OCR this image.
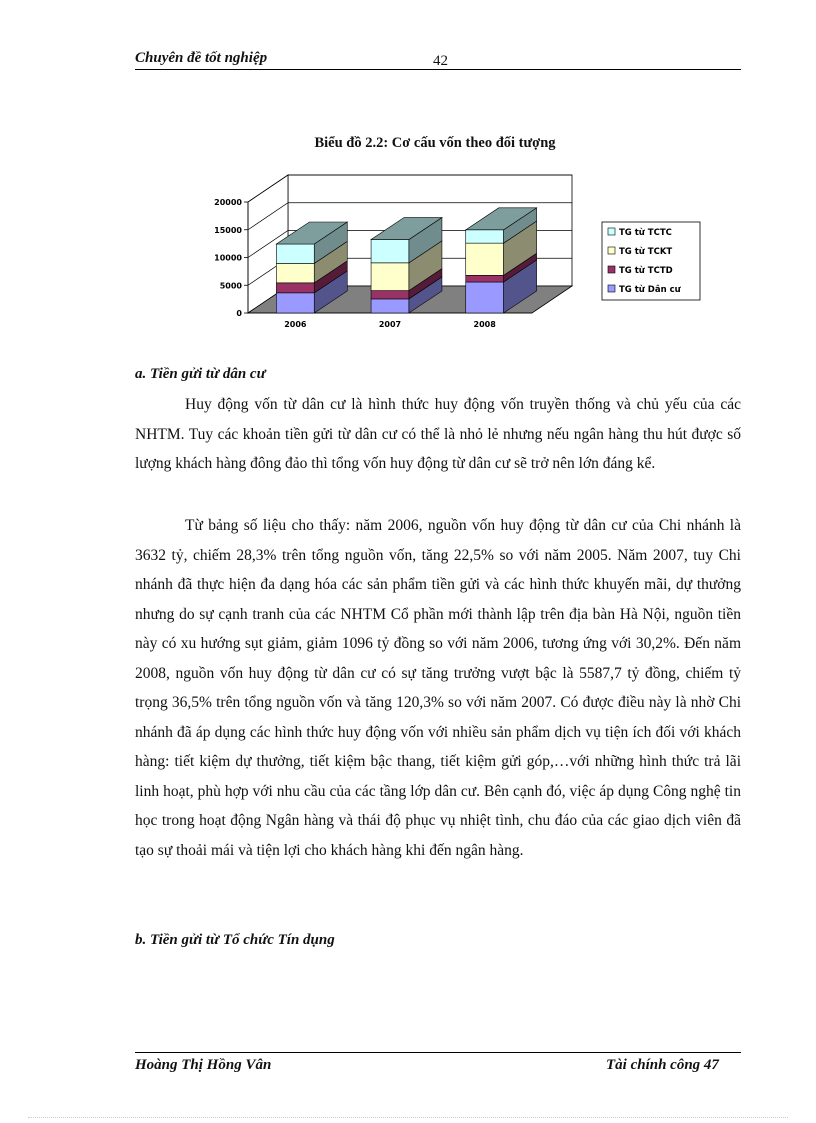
Chuyên đề tốt nghiệp	42
Biểu đồ 2.2: Cơ cấu vốn theo đối tượng
0
5000
10000
15000
20000
2006	2007	2008
TG từ TCTC
TG từ TCKT
TG từ TCTD
TG từ Dân cư
a. Tiền gửi từ dân cư

Huy động vốn từ dân cư là hình thức huy động vốn truyền thống và chủ yếu của các NHTM. Tuy các khoản tiền gửi từ dân cư có thể là nhỏ lẻ nhưng nếu ngân hàng thu hút được số lượng khách hàng đông đảo thì tổng vốn huy động từ dân cư sẽ trở nên lớn đáng kể.

Từ bảng số liệu cho thấy: năm 2006, nguồn vốn huy động từ dân cư của Chi nhánh là 3632 tỷ, chiếm 28,3% trên tổng nguồn vốn, tăng 22,5% so với năm 2005. Năm 2007, tuy Chi nhánh đã thực hiện đa dạng hóa các sản phẩm tiền gửi và các hình thức khuyến mãi, dự thưởng nhưng do sự cạnh tranh của các NHTM Cổ phần mới thành lập trên địa bàn Hà Nội, nguồn tiền này có xu hướng sụt giảm, giảm 1096 tỷ đồng so với năm 2006, tương ứng với 30,2%. Đến năm 2008, nguồn vốn huy động từ dân cư có sự tăng trưởng vượt bậc là 5587,7 tỷ đồng, chiếm tỷ trọng 36,5% trên tổng nguồn vốn và tăng 120,3% so với năm 2007. Có được điều này là nhờ Chi nhánh đã áp dụng các hình thức huy động vốn với nhiều sản phẩm dịch vụ tiện ích đối với khách hàng: tiết kiệm dự thưởng, tiết kiệm bậc thang, tiết kiệm gửi góp,…với những hình thức trả lãi linh hoạt, phù hợp với nhu cầu của các tầng lớp dân cư. Bên cạnh đó, việc áp dụng Công nghệ tin học trong hoạt động Ngân hàng và thái độ phục vụ nhiệt tình, chu đáo của các giao dịch viên đã tạo sự thoải mái và tiện lợi cho khách hàng khi đến ngân hàng.

b. Tiền gửi từ Tổ chức Tín dụng
Hoàng Thị Hồng Vân	Tài chính công 47
